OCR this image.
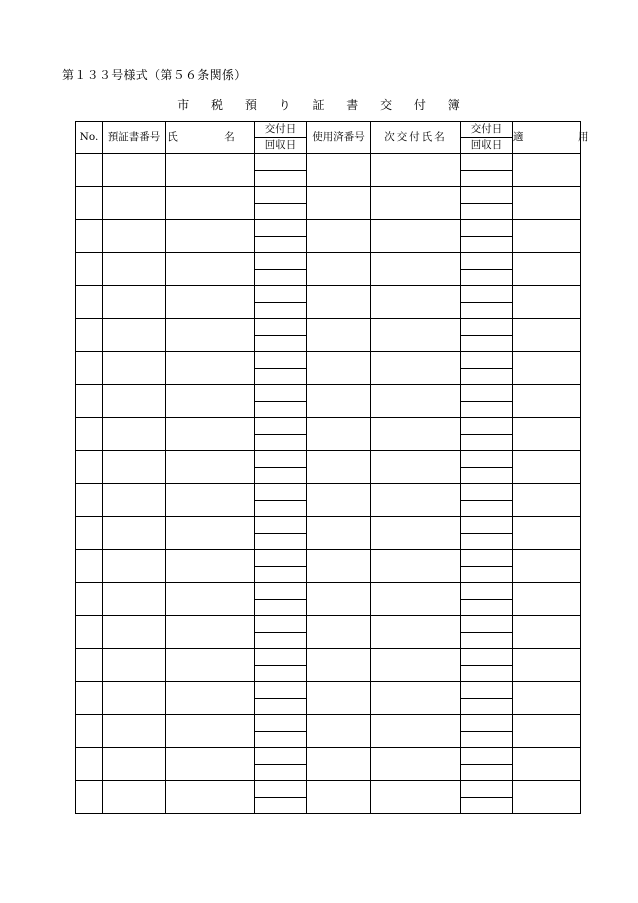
第１３３号様式（第５６条関係）
市 税 預 り 証 書 交 付 簿
No.	預証書番号	氏　名	交付日	使用済番号	次交付氏名	交付日	適　用
			回収日			回収日	
